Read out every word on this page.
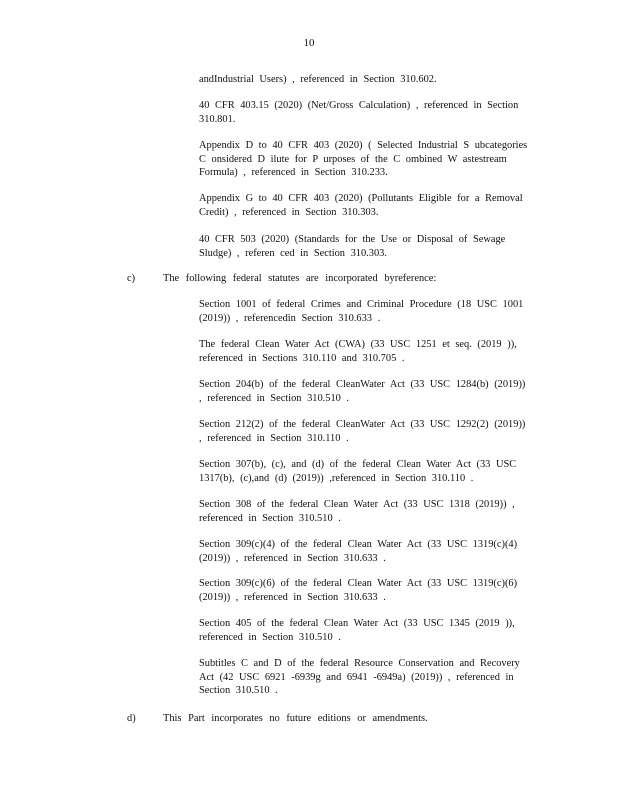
10
andIndustrial Users) , referenced in Section 310.602.
40 CFR 403.15 (2020) (Net/Gross Calculation) , referenced in Section 310.801.
Appendix D to 40 CFR 403 (2020) ( Selected Industrial S ubcategories C onsidered D ilute for P urposes of the C ombined W astestream Formula) , referenced in Section 310.233.
Appendix G to 40 CFR 403 (2020) (Pollutants Eligible for a Removal Credit) , referenced in Section 310.303.
40 CFR 503 (2020) (Standards for the Use or Disposal of Sewage Sludge) , referen ced in Section 310.303.
c)	The following federal statutes are incorporated byreference:
Section 1001 of federal Crimes and Criminal Procedure (18 USC 1001 (2019)) , referencedin Section 310.633 .
The federal Clean Water Act (CWA) (33 USC 1251 et seq. (2019 )), referenced in Sections 310.110 and 310.705 .
Section 204(b) of the federal CleanWater Act (33 USC 1284(b) (2019)) , referenced in Section 310.510 .
Section 212(2) of the federal CleanWater Act (33 USC 1292(2) (2019)) , referenced in Section 310.110 .
Section 307(b), (c), and (d) of the federal Clean Water Act (33 USC 1317(b), (c),and (d) (2019)) ,referenced in Section 310.110 .
Section 308 of the federal Clean Water Act (33 USC 1318 (2019)) , referenced in Section 310.510 .
Section 309(c)(4) of the federal Clean Water Act (33 USC 1319(c)(4) (2019)) , referenced in Section 310.633 .
Section 309(c)(6) of the federal Clean Water Act (33 USC 1319(c)(6) (2019)) , referenced in Section 310.633 .
Section 405 of the federal Clean Water Act (33 USC 1345 (2019 )), referenced in Section 310.510 .
Subtitles C and D of the federal Resource Conservation and Recovery Act (42 USC 6921 -6939g and 6941 -6949a) (2019)) , referenced in Section 310.510 .
d)	This Part incorporates no future editions or amendments.
